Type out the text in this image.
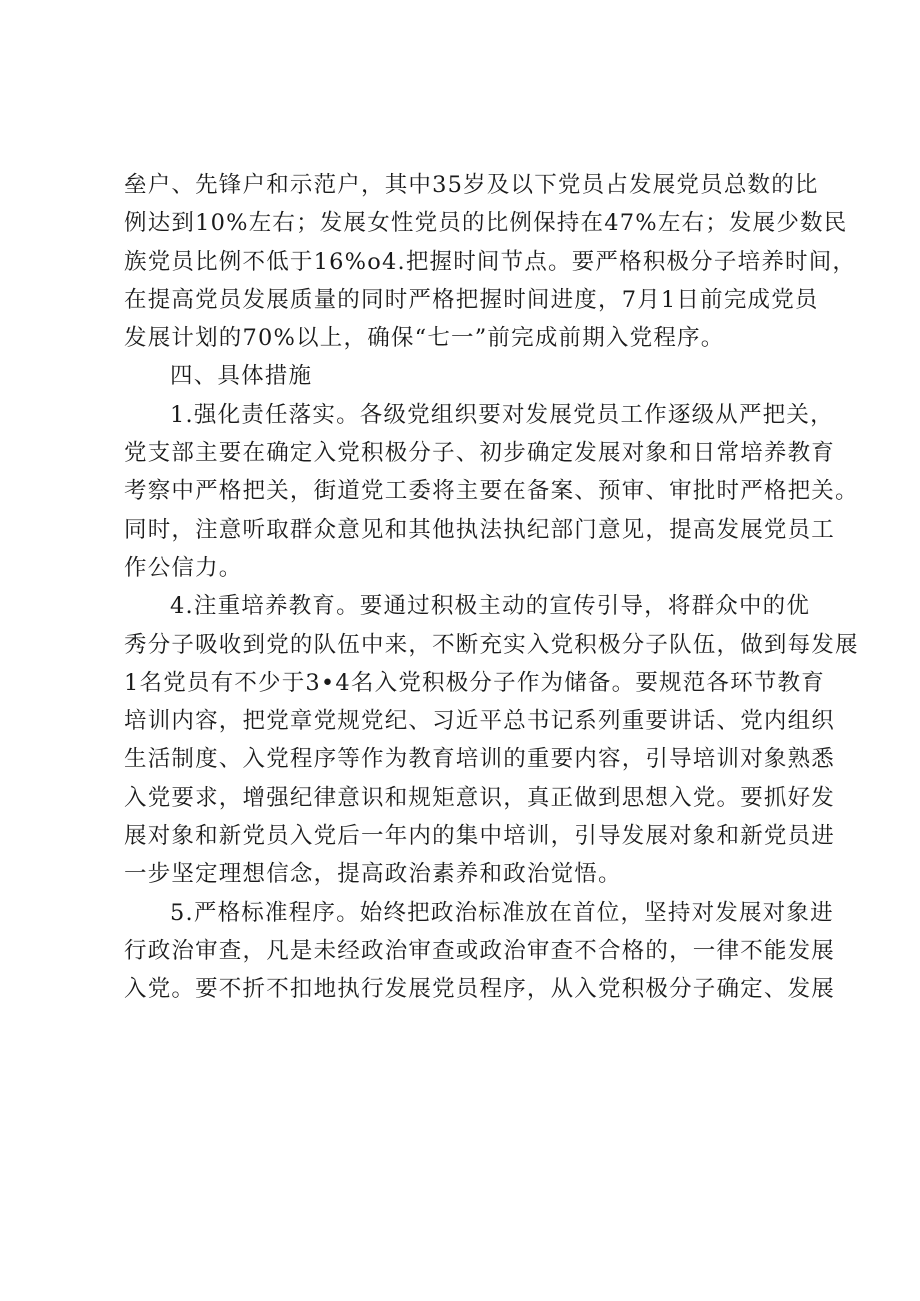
垒户、先锋户和示范户，其中35岁及以下党员占发展党员总数的比
例达到10%左右；发展女性党员的比例保持在47%左右；发展少数民
族党员比例不低于16%o4.把握时间节点。要严格积极分子培养时间，
在提高党员发展质量的同时严格把握时间进度，7月1日前完成党员
发展计划的70%以上，确保“七一”前完成前期入党程序。
四、具体措施
1.强化责任落实。各级党组织要对发展党员工作逐级从严把关，
党支部主要在确定入党积极分子、初步确定发展对象和日常培养教育
考察中严格把关，街道党工委将主要在备案、预审、审批时严格把关。
同时，注意听取群众意见和其他执法执纪部门意见，提高发展党员工
作公信力。
4.注重培养教育。要通过积极主动的宣传引导，将群众中的优
秀分子吸收到党的队伍中来，不断充实入党积极分子队伍，做到每发展
1名党员有不少于3•4名入党积极分子作为储备。要规范各环节教育
培训内容，把党章党规党纪、习近平总书记系列重要讲话、党内组织
生活制度、入党程序等作为教育培训的重要内容，引导培训对象熟悉
入党要求，增强纪律意识和规矩意识，真正做到思想入党。要抓好发
展对象和新党员入党后一年内的集中培训，引导发展对象和新党员进
一步坚定理想信念，提高政治素养和政治觉悟。
5.严格标准程序。始终把政治标准放在首位，坚持对发展对象进
行政治审查，凡是未经政治审查或政治审查不合格的，一律不能发展
入党。要不折不扣地执行发展党员程序，从入党积极分子确定、发展
